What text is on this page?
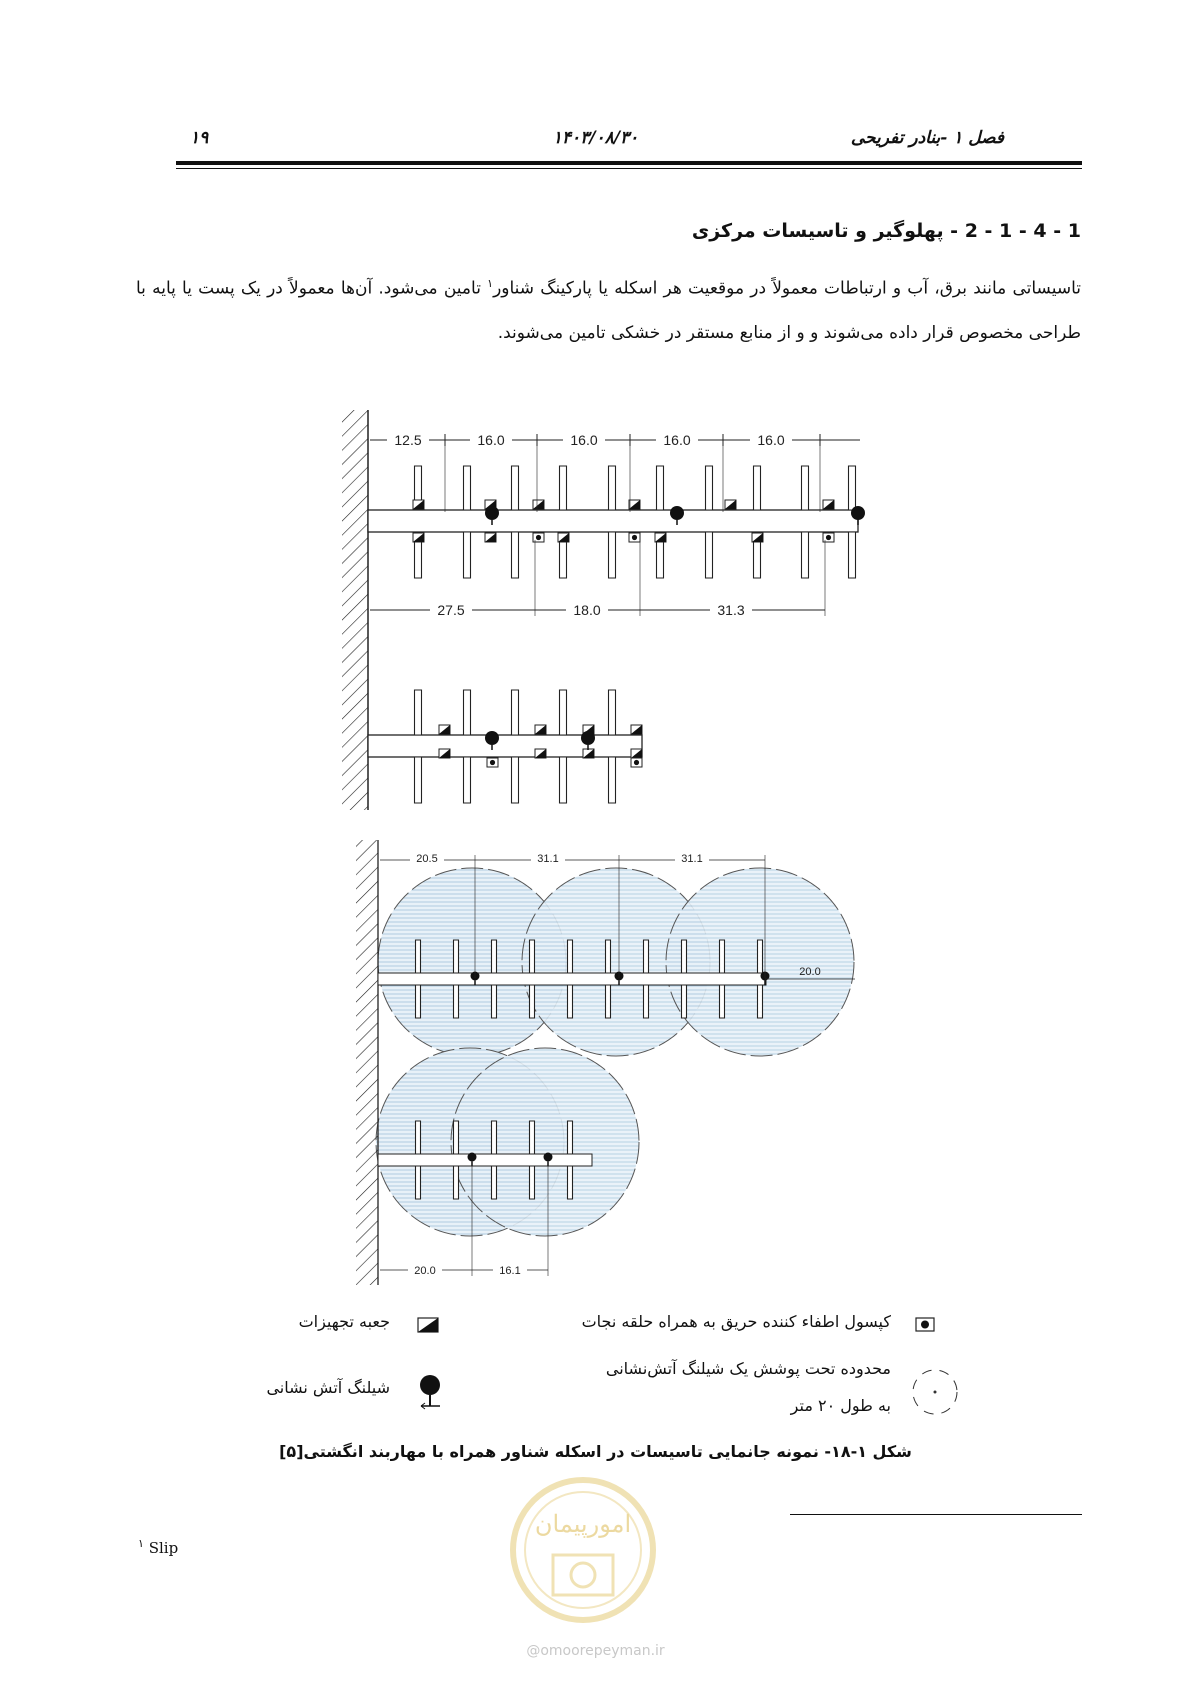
فصل ۱ -بنادر تفریحی
۱۴۰۳/۰۸/۳۰
۱۹
1 - 4 - 1 - 2 - پهلوگیر و تاسیسات مرکزی
تاسیساتی مانند برق، آب و ارتباطات معمولاً در موقعیت هر اسکله یا پارکینگ شناور$^۱$ تامین می‌شود. آن‌ها معمولاً در یک پست یا پایه با طراحی مخصوص قرار داده می‌شوند و و از منابع مستقر در خشکی تامین می‌شوند.
12.5	16.0	16.0	16.0	16.0
27.5	18.0	31.3
20.5	31.1	31.1
20.0
20.0	16.1
کپسول اطفاء کننده حریق به همراه حلقه نجات
جعبه تجهیزات
محدوده تحت پوشش یک شیلنگ آتش‌نشانی
به طول ۲۰ متر
شیلنگ آتش نشانی
شکل ۱-۱۸- نمونه جانمایی تاسیسات در اسکله شناور همراه با مهاربند انگشتی[۵]
امورپیمان
$^۱$ Slip
@omoorepeyman.ir
